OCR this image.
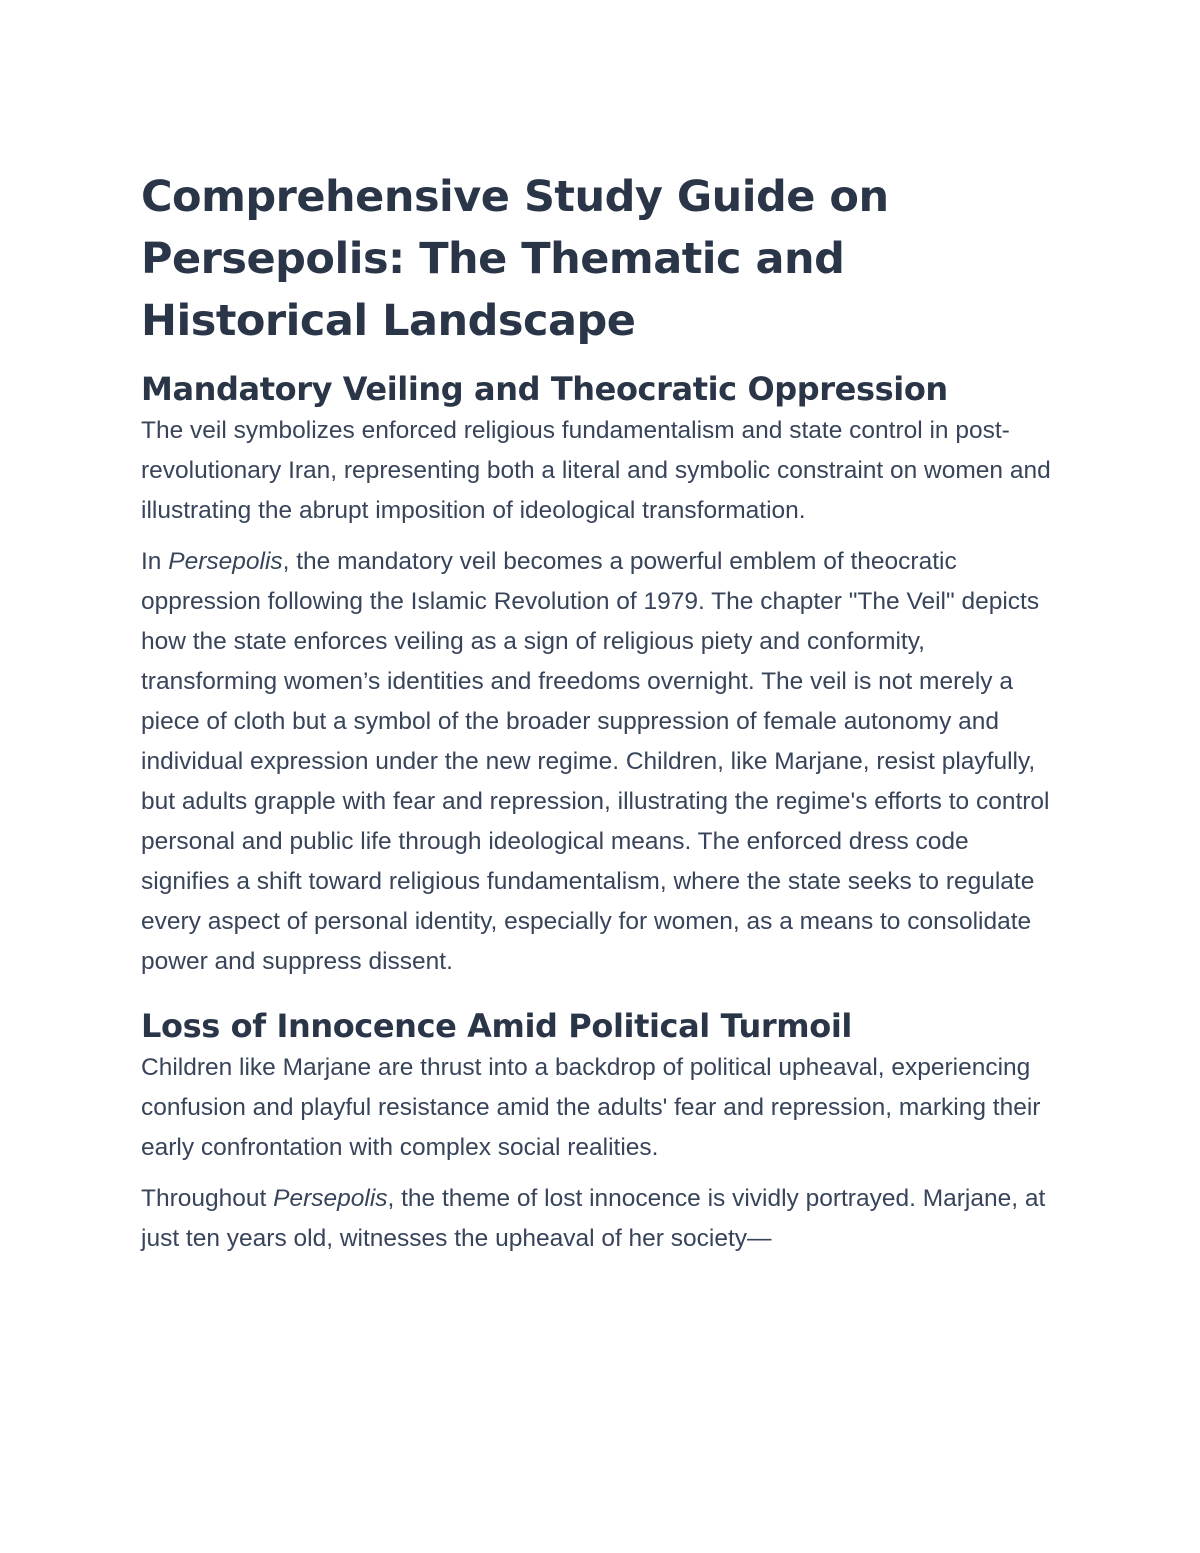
Comprehensive Study Guide on Persepolis: The Thematic and Historical Landscape
Mandatory Veiling and Theocratic Oppression

The veil symbolizes enforced religious fundamentalism and state control in post-revolutionary Iran, representing both a literal and symbolic constraint on women and illustrating the abrupt imposition of ideological transformation.

In Persepolis, the mandatory veil becomes a powerful emblem of theocratic oppression following the Islamic Revolution of 1979. The chapter "The Veil" depicts how the state enforces veiling as a sign of religious piety and conformity, transforming women’s identities and freedoms overnight. The veil is not merely a piece of cloth but a symbol of the broader suppression of female autonomy and individual expression under the new regime. Children, like Marjane, resist playfully, but adults grapple with fear and repression, illustrating the regime's efforts to control personal and public life through ideological means. The enforced dress code signifies a shift toward religious fundamentalism, where the state seeks to regulate every aspect of personal identity, especially for women, as a means to consolidate power and suppress dissent.

Loss of Innocence Amid Political Turmoil

Children like Marjane are thrust into a backdrop of political upheaval, experiencing confusion and playful resistance amid the adults' fear and repression, marking their early confrontation with complex social realities.

Throughout Persepolis, the theme of lost innocence is vividly portrayed. Marjane, at just ten years old, witnesses the upheaval of her society—
